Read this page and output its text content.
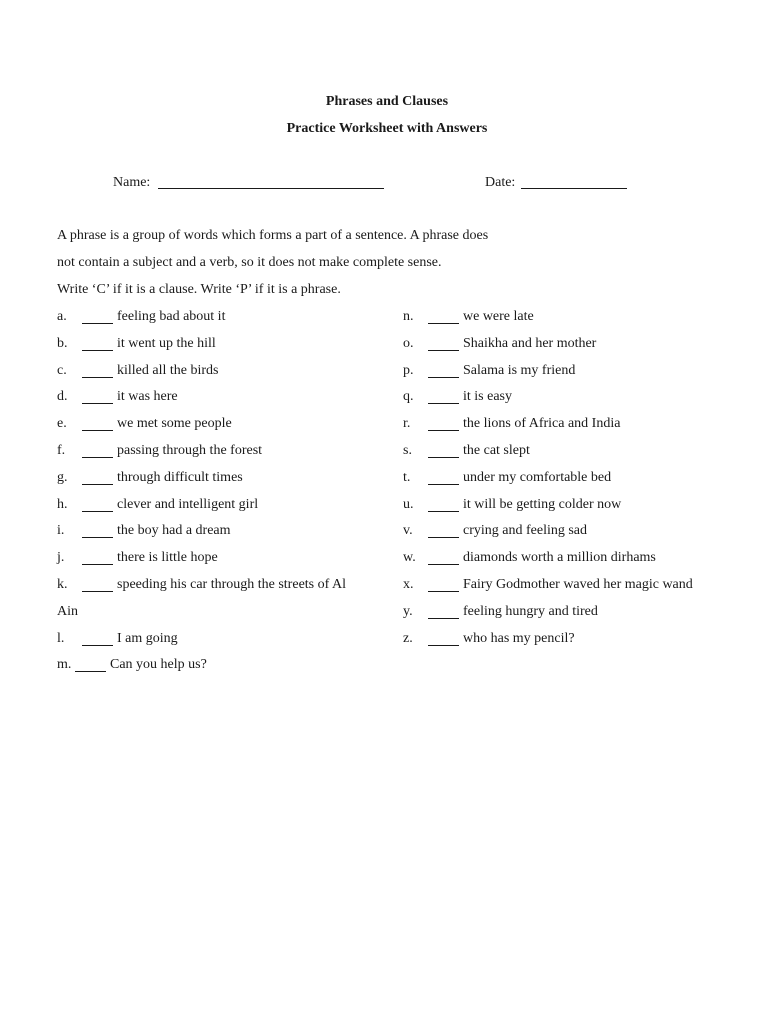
Phrases and Clauses
Practice Worksheet with Answers
Name:	Date:
A phrase is a group of words which forms a part of a sentence. A phrase does
not contain a subject and a verb, so it does not make complete sense.
Write ‘C’ if it is a clause. Write ‘P’ if it is a phrase.
a.	feeling bad about it
b.	it went up the hill
c.	killed all the birds
d.	it was here
e.	we met some people
f.	passing through the forest
g.	through difficult times
h.	clever and intelligent girl
i.	the boy had a dream
j.	there is little hope
k.	speeding his car through the streets of Al
Ain
l.	I am going
m.	Can you help us?
n.	we were late
o.	Shaikha and her mother
p.	Salama is my friend
q.	it is easy
r.	the lions of Africa and India
s.	the cat slept
t.	under my comfortable bed
u.	it will be getting colder now
v.	crying and feeling sad
w.	diamonds worth a million dirhams
x.	Fairy Godmother waved her magic wand
y.	feeling hungry and tired
z.	who has my pencil?
